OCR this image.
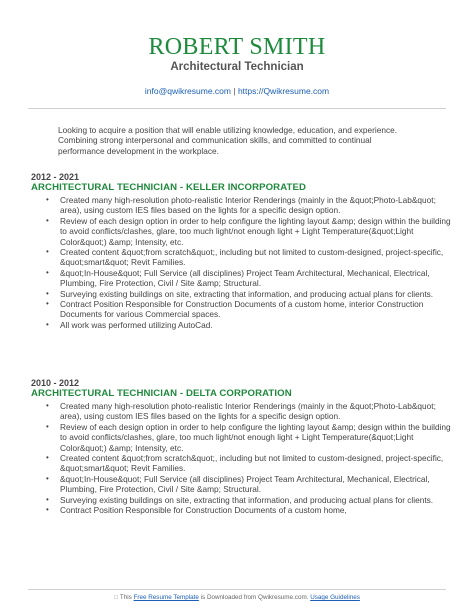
ROBERT SMITH
Architectural Technician
info@qwikresume.com | https://Qwikresume.com

Looking to acquire a position that will enable utilizing knowledge, education, and experience. Combining strong interpersonal and communication skills, and committed to continual performance development in the workplace.

2012 - 2021
ARCHITECTURAL TECHNICIAN - KELLER INCORPORATED
• Created many high-resolution photo-realistic Interior Renderings (mainly in the &quot;Photo-Lab&quot; area), using custom IES files based on the lights for a specific design option.
• Review of each design option in order to help configure the lighting layout &amp; design within the building to avoid conflicts/clashes, glare, too much light/not enough light + Light Temperature(&quot;Light Color&quot;) &amp; Intensity, etc.
• Created content &quot;from scratch&quot;, including but not limited to custom-designed, project-specific, &quot;smart&quot; Revit Families.
• &quot;In-House&quot; Full Service (all disciplines) Project Team Architectural, Mechanical, Electrical, Plumbing, Fire Protection, Civil / Site &amp; Structural.
• Surveying existing buildings on site, extracting that information, and producing actual plans for clients.
• Contract Position Responsible for Construction Documents of a custom home, interior Construction Documents for various Commercial spaces.
• All work was performed utilizing AutoCad.
2010 - 2012
ARCHITECTURAL TECHNICIAN - DELTA CORPORATION
• Created many high-resolution photo-realistic Interior Renderings (mainly in the &quot;Photo-Lab&quot; area), using custom IES files based on the lights for a specific design option.
• Review of each design option in order to help configure the lighting layout &amp; design within the building to avoid conflicts/clashes, glare, too much light/not enough light + Light Temperature(&quot;Light Color&quot;) &amp; Intensity, etc.
• Created content &quot;from scratch&quot;, including but not limited to custom-designed, project-specific, &quot;smart&quot; Revit Families.
• &quot;In-House&quot; Full Service (all disciplines) Project Team Architectural, Mechanical, Electrical, Plumbing, Fire Protection, Civil / Site &amp; Structural.
• Surveying existing buildings on site, extracting that information, and producing actual plans for clients.
• Contract Position Responsible for Construction Documents of a custom home,
□ This Free Resume Template is Downloaded from Qwikresume.com. Usage Guidelines
